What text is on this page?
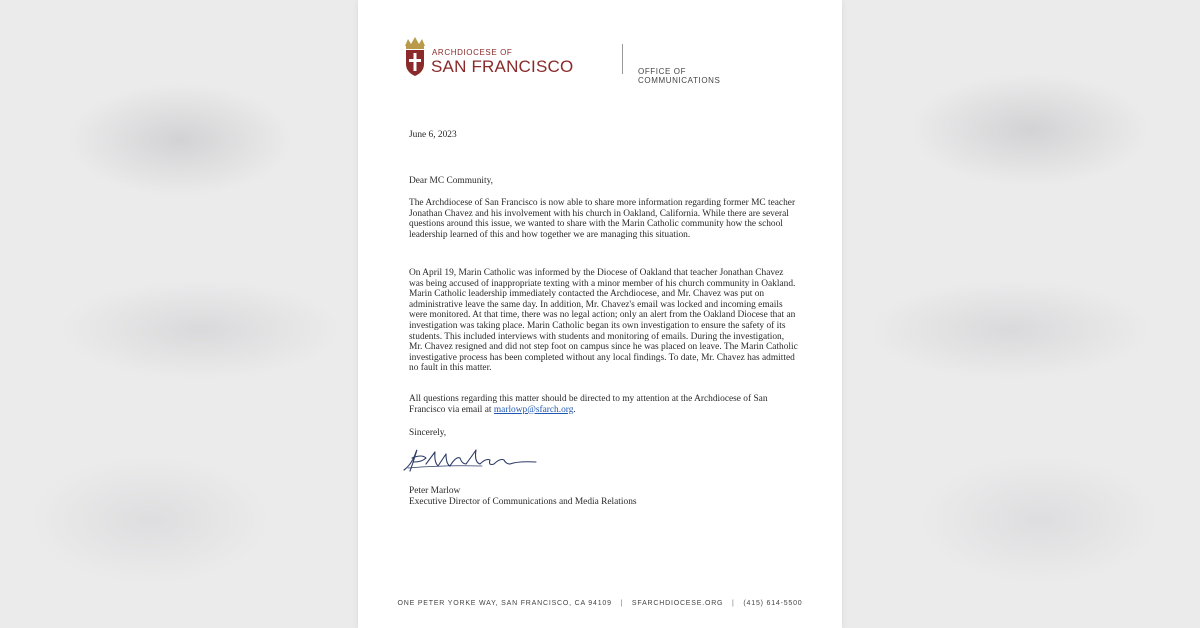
ARCHDIOCESE OF
SAN FRANCISCO	OFFICE OF COMMUNICATIONS
June 6, 2023
Dear MC Community,
The Archdiocese of San Francisco is now able to share more information regarding former MC teacher Jonathan Chavez and his involvement with his church in Oakland, California. While there are several questions around this issue, we wanted to share with the Marin Catholic community how the school leadership learned of this and how together we are managing this situation.
On April 19, Marin Catholic was informed by the Diocese of Oakland that teacher Jonathan Chavez was being accused of inappropriate texting with a minor member of his church community in Oakland. Marin Catholic leadership immediately contacted the Archdiocese, and Mr. Chavez was put on administrative leave the same day. In addition, Mr. Chavez's email was locked and incoming emails were monitored. At that time, there was no legal action; only an alert from the Oakland Diocese that an investigation was taking place. Marin Catholic began its own investigation to ensure the safety of its students. This included interviews with students and monitoring of emails. During the investigation, Mr. Chavez resigned and did not step foot on campus since he was placed on leave. The Marin Catholic investigative process has been completed without any local findings. To date, Mr. Chavez has admitted no fault in this matter.
All questions regarding this matter should be directed to my attention at the Archdiocese of San Francisco via email at marlowp@sfarch.org.
Sincerely,
Peter Marlow
Executive Director of Communications and Media Relations
ONE PETER YORKE WAY, SAN FRANCISCO, CA 94109 | SFARCHDIOCESE.ORG | (415) 614-5500
